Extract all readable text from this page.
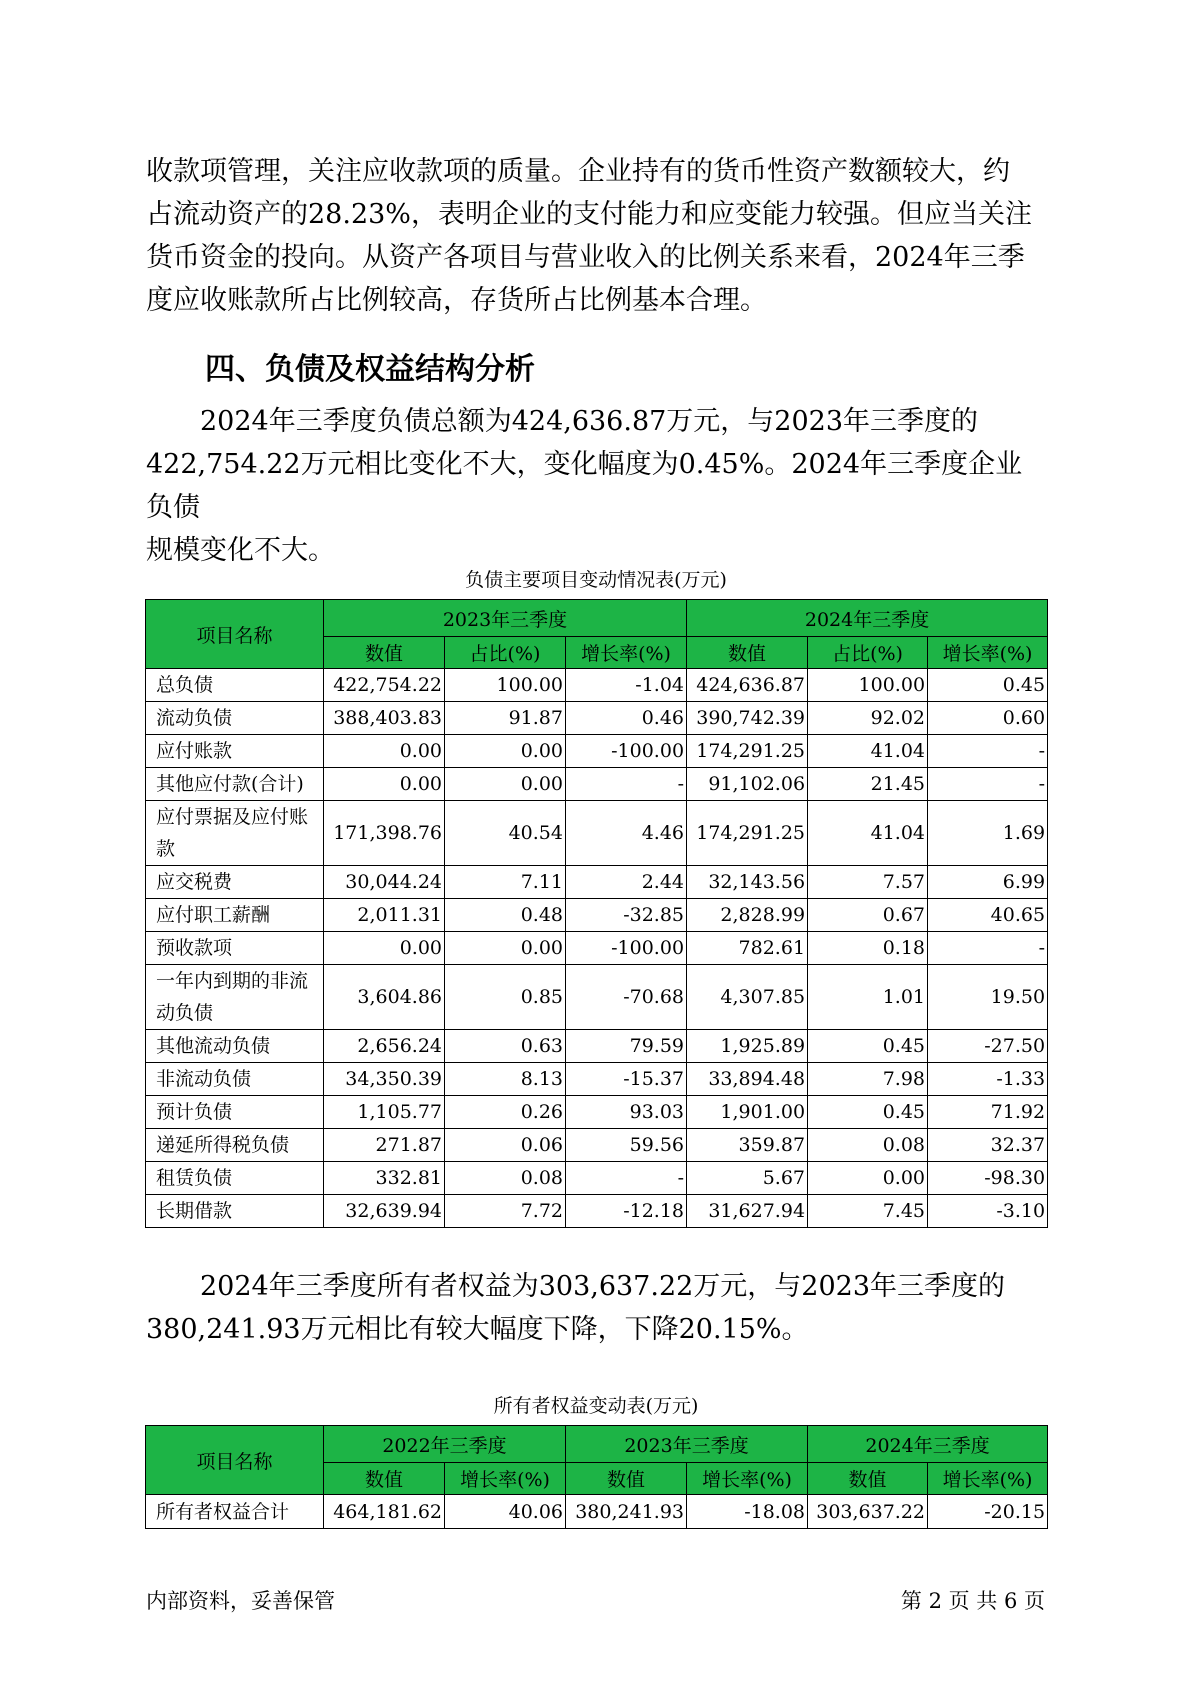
收款项管理，关注应收款项的质量。企业持有的货币性资产数额较大，约

占流动资产的28.23%，表明企业的支付能力和应变能力较强。但应当关注

货币资金的投向。从资产各项目与营业收入的比例关系来看，2024年三季

度应收账款所占比例较高，存货所占比例基本合理。

四、负债及权益结构分析

2024年三季度负债总额为424,636.87万元，与2023年三季度的

422,754.22万元相比变化不大，变化幅度为0.45%。2024年三季度企业负债

规模变化不大。

负债主要项目变动情况表(万元)
项目名称	2023年三季度			2024年三季度		
	数值	占比(%)	增长率(%)	数值	占比(%)	增长率(%)

总负债	422,754.22	100.00	-1.04	424,636.87	100.00	0.45

流动负债	388,403.83	91.87	0.46	390,742.39	92.02	0.60

应付账款	0.00	0.00	-100.00	174,291.25	41.04	-

其他应付款(合计)	0.00	0.00	-	91,102.06	21.45	-

应付票据及应付账
款	171,398.76	40.54	4.46	174,291.25	41.04	1.69

应交税费	30,044.24	7.11	2.44	32,143.56	7.57	6.99

应付职工薪酬	2,011.31	0.48	-32.85	2,828.99	0.67	40.65

预收款项	0.00	0.00	-100.00	782.61	0.18	-

一年内到期的非流
动负债	3,604.86	0.85	-70.68	4,307.85	1.01	19.50

其他流动负债	2,656.24	0.63	79.59	1,925.89	0.45	-27.50

非流动负债	34,350.39	8.13	-15.37	33,894.48	7.98	-1.33

预计负债	1,105.77	0.26	93.03	1,901.00	0.45	71.92

递延所得税负债	271.87	0.06	59.56	359.87	0.08	32.37

租赁负债	332.81	0.08	-	5.67	0.00	-98.30

长期借款	32,639.94	7.72	-12.18	31,627.94	7.45	-3.10

2024年三季度所有者权益为303,637.22万元，与2023年三季度的

380,241.93万元相比有较大幅度下降，下降20.15%。

所有者权益变动表(万元)
项目名称	2022年三季度		2023年三季度		2024年三季度	
	数值	增长率(%)	数值	增长率(%)	数值	增长率(%)
所有者权益合计	464,181.62	40.06	380,241.93	-18.08	303,637.22	-20.15
内部资料，妥善保管	第 2 页 共 6 页
